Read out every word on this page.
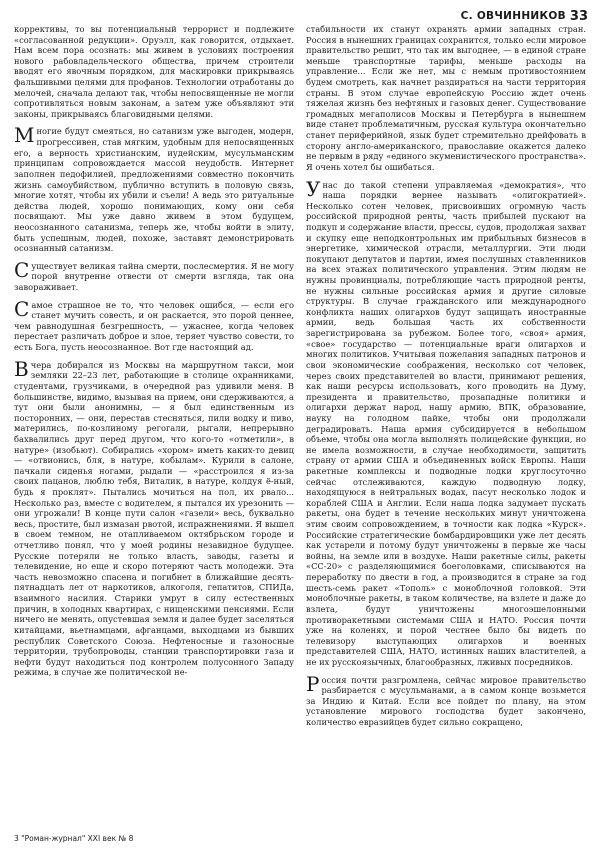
С. ОВЧИННИКОВ 33

коррективы, то вы потенциальный террорист и подлежите «согласованной редукции». Оруэлл, как говорится, отдыхает. Нам всем пора осознать: мы живем в условиях построения нового рабовладельческого общества, причем строители вводят его явочным порядком, для маскировки прикрываясь фальшивыми целями для профанов. Технологии отработаны до мелочей, сначала делают так, чтобы непосвященные не могли сопротивляться новым законам, а затем уже объявляют эти законы, прикрываясь благовидными целями.

Многие будут смеяться, но сатанизм уже выгоден, модерн, прогрессивен, став мягким, удобным для непосвященных его, а верность христианским, иудейским, мусульманским принципам сопровождается массой неудобств. Интернет заполнен педофилией, предложениями совместно покончить жизнь самоубийством, публично вступить в половую связь, многие хотят, чтобы их убили и съели! А ведь это ритуальные действа людей, хорошо понимающих, кому они себя посвящают. Мы уже давно живем в этом будущем, неосознанного сатанизма, теперь же, чтобы войти в элиту, быть успешным, людей, похоже, заставят демонстрировать осознанный сатанизм.

Существует великая тайна смерти, послесмертия. Я не могу порой внутренне отвести от смерти взгляда, так она завораживает.

Самое страшное не то, что человек ошибся, — если его станет мучить совесть, и он раскается, это порой ценнее, чем равнодушная безгрешность, — ужаснее, когда человек перестает различать доброе и злое, теряет чувство совести, то есть Бога, пусть неосознанное. Вот где настоящий ад.

Вчера добирался из Москвы на маршрутном такси, мои земляки 22–23 лет, работающие в столице охранниками, студентами, грузчиками, в очередной раз удивили меня. В большинстве, видимо, вызывая на прием, они сдерживаются, а тут они были анонимны, — я был единственным из посторонних, — они, перестав стесняться, пили водку и пиво, матерились, по-козлиному регогали, рыгали, непрерывно бахвалились друг перед другом, что кого-то «отметили», в натуре» (изобьют). Собирались «хором» иметь каких-то девиц — «отвионись, бля, в натуре, кобылам». Курили в салоне, пачкали сиденья ногами, рыдали — «расстроился я из-за своих пацанов, люблю тебя, Виталик, в натуре, колдуя ё-ный, будь я проклят». Пытались мочиться на пол, их рвало... Несколько раз, вместе с водителем, я пытался их урезонить — они угрожали! В конце пути салон «газели» весь, буквально весь, простите, был измазан рвотой, испражнениями. Я вышел в своем темном, не отапливаемом октябрьском городе и отчетливо понял, что у моей родины незавидное будущее. Русские потеряли не только власть, заводы, газеты и телевидение, но еще и скоро потеряют часть молодежи. Эта часть невозможно спасена и погибнет в ближайшие десять-пятнадцать лет от наркотиков, алкоголя, гепатитов, СПИДа, взаимного насилия. Старики умрут в силу естественных причин, в холодных квартирах, с нищенскими пенсиями. Если ничего не менять, опустевшая земля и далее будет заселяться китайцами, вьетнамцами, афганцами, выходцами из бывших республик Советского Союза. Нефтеносные и газоносные территории, трубопроводы, станции транспортировки газа и нефти будут находиться под контролем полусонного Западу режима, в случае же политической не-

стабильности их станут охранять армии западных стран. Россия в нынешних границах сохранится, только если мировое правительство решит, что так им выгоднее, — в единой стране меньше транспортные тарифы, меньше расходы на управление... Если же нет, мы с немым противостоянием будем смотреть, как начнет раздираться на части территория страны. В этом случае европейскую Россию ждет очень тяжелая жизнь без нефтяных и газовых денег. Существование громадных мегаполисов Москвы и Петербурга в нынешнем виде станет проблематичным, русская культура окончательно станет периферийной, язык будет стремительно дрейфовать в сторону англо-американского, православие окажется далеко не первым в ряду «единого экуменистического пространства». Я очень хотел бы ошибаться.

У нас до такой степени управляемая «демократия», что наша порядки вернее называть «олигократией». Несколько сотен человек, присвоивших огромную часть российской природной ренты, часть прибылей пускают на подкуп и содержание власти, прессы, судов, продолжая захват и скупку еще неподконтрольных им прибыльных бизнесов в энергетике, химической отрасли, металлургии. Эти люди покупают депутатов и партии, имея послушных ставленников на всех этажах политического управления. Этим людям не нужны провинциалы, потребляющие часть природной ренты, не нужны сильные российская армия и другие силовые структуры. В случае гражданского или международного конфликта наших олигархов будут защищать иностранные армии, ведь большая часть их собственности зарегистрирована за рубежом. Более того, «своя» армия, «свое» государство — потенциальные враги олигархов и многих политиков. Учитывая пожелания западных патронов и свои экономические соображения, несколько сот человек, через своих представителей во власти, принимают решения, как наши ресурсы использовать, кого проводить на Думу, президента и правительство, прозападные политики и олигархи держат народ, нашу армию, ВПК, образование, науку на голодном пайке, чтобы они продолжали деградировать. Наша армия субсидируется в небольшом объеме, чтобы она могла выполнять полицейские функции, но не имела возможности, в случае необходимости, защитить страну от армии США и объединенных войск Европы. Наши ракетные комплексы и подводные лодки круглосуточно сейчас отслеживаются, каждую подводную лодку, находящуюся в нейтральных водах, пасут несколько лодок и кораблей США и Англии. Если наша лодка задумает пускать ракеты, она будет в течение нескольких минут уничтожена этим своим сопровождением, в точности как лодка «Курск». Российские стратегические бомбардировщики уже лет десять как устарели и потому будут уничтожены в первые же часы войны, на земле или в воздухе. Наши ракетные силы, ракеты «СС-20» с разделяющимися боеголовками, списываются на переработку по двести в год, а производится в стране за год шесть-семь ракет «Тополь» с моноблочной головкой. Эти моноблочные ракеты, в таком количестве, на взлете и даже до взлета, будут уничтожены многоэшелонными противоракетными системами США и НАТО. Россия почти уже на коленях, и порой честнее было бы видеть по телевизору выступающих олигархов и военных представителей США, НАТО, истинных наших властителей, а не их русскоязычных, благообразных, лживых посредников.

Россия почти разгромлена, сейчас мировое правительство разбирается с мусульманами, а в самом конце возьмется за Индию и Китай. Если все пойдет по плану, на этом установление мирового господства будет закончено, количество евразийцев будет сильно сокращено,

3 "Роман-журнал" XXI век № 8
